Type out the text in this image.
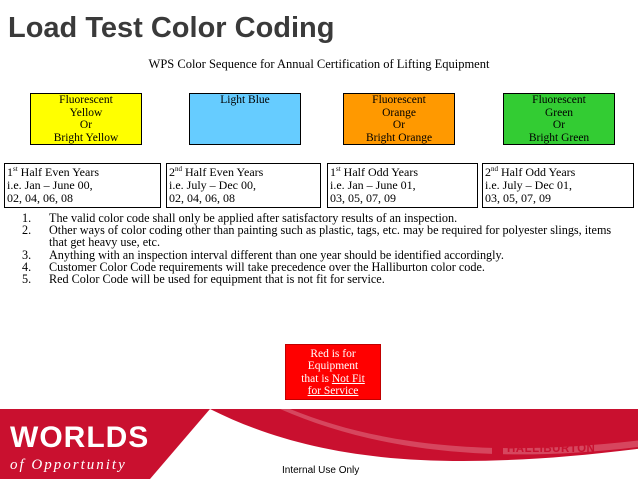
Load Test Color Coding
WPS Color Sequence for Annual Certification of Lifting Equipment
Fluorescent
Yellow
Or
Bright Yellow
Light Blue	Fluorescent
Orange
Or
Bright Orange
Fluorescent
Green
Or
Bright Green
1st Half Even Years
i.e. Jan – June 00,
02, 04, 06, 08
2nd Half Even Years
i.e. July – Dec 00,
02, 04, 06, 08
1st Half Odd Years
i.e. Jan – June 01,
03, 05, 07, 09
2nd Half Odd Years
i.e. July – Dec 01,
03, 05, 07, 09
1. The valid color code shall only be applied after satisfactory results of an inspection.
2. Other ways of color coding other than painting such as plastic, tags, etc. may be required for polyester slings, items that get heavy use, etc.
3. Anything with an inspection interval different than one year should be identified accordingly.
4. Customer Color Code requirements will take precedence over the Halliburton color code.
5. Red Color Code will be used for equipment that is not fit for service.
Red is for
Equipment
that is Not Fit
for Service
WORLDS
of Opportunity
HALLIBURTON
Internal Use Only
